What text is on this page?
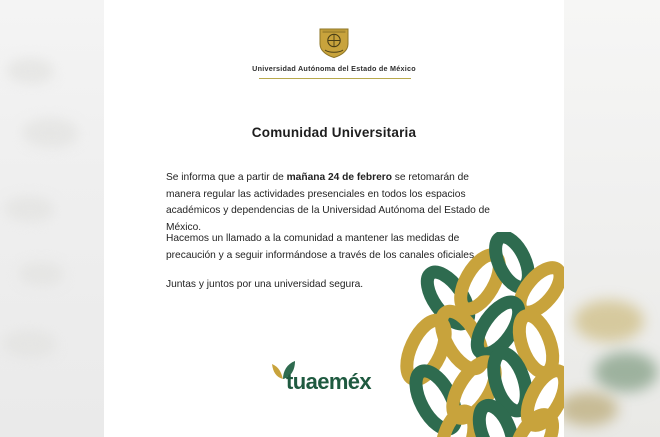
Universidad Autónoma del Estado de México
Comunidad Universitaria
Se informa que a partir de mañana 24 de febrero se retomarán de manera regular las actividades presenciales en todos los espacios académicos y dependencias de la Universidad Autónoma del Estado de México.
Hacemos un llamado a la comunidad a mantener las medidas de precaución y a seguir informándose a través de los canales oficiales.
Juntas y juntos por una universidad segura.
tuaeméx
